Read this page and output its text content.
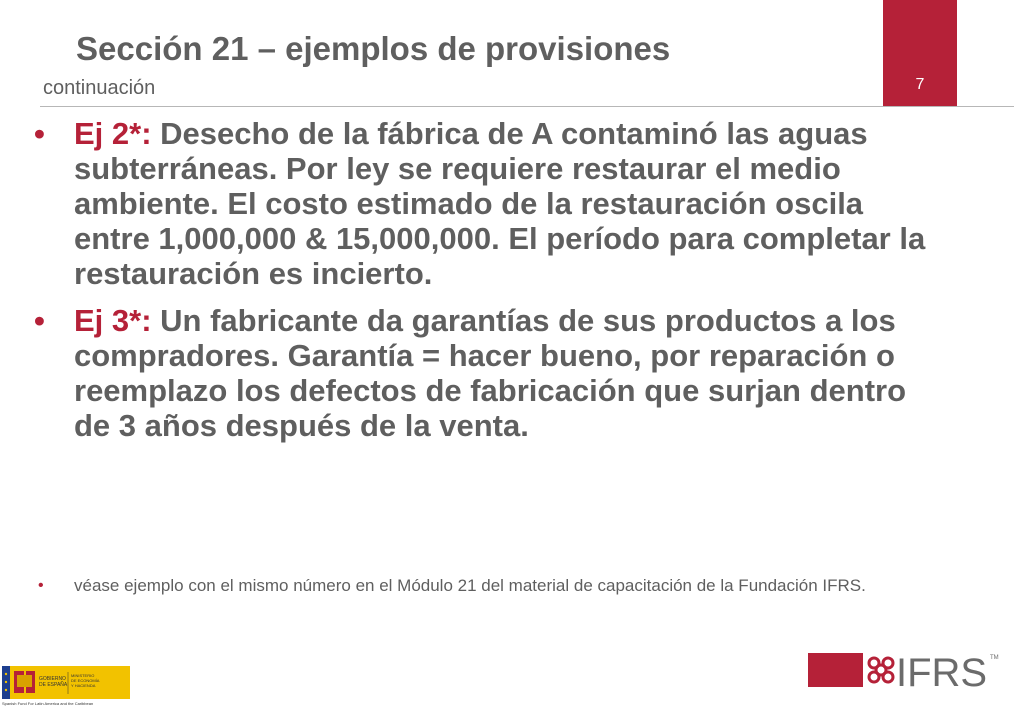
7
Sección 21 – ejemplos de provisiones
continuación
• Ej 2*: Desecho de la fábrica de A contaminó las aguas subterráneas. Por ley se requiere restaurar el medio ambiente. El costo estimado de la restauración oscila entre 1,000,000 & 15,000,000. El período para completar la restauración es incierto.
• Ej 3*: Un fabricante da garantías de sus productos a los compradores. Garantía = hacer bueno, por reparación o reemplazo los defectos de fabricación que surjan dentro de 3 años después de la venta.
• véase ejemplo con el mismo número en el Módulo 21 del material de capacitación de la Fundación IFRS.
GOBIERNO
DE ESPAÑA
MINISTERIO
DE ECONOMÍA
Y HACIENDA
Spanish Fund For Latin America and the Caribbean
IFRS TM
